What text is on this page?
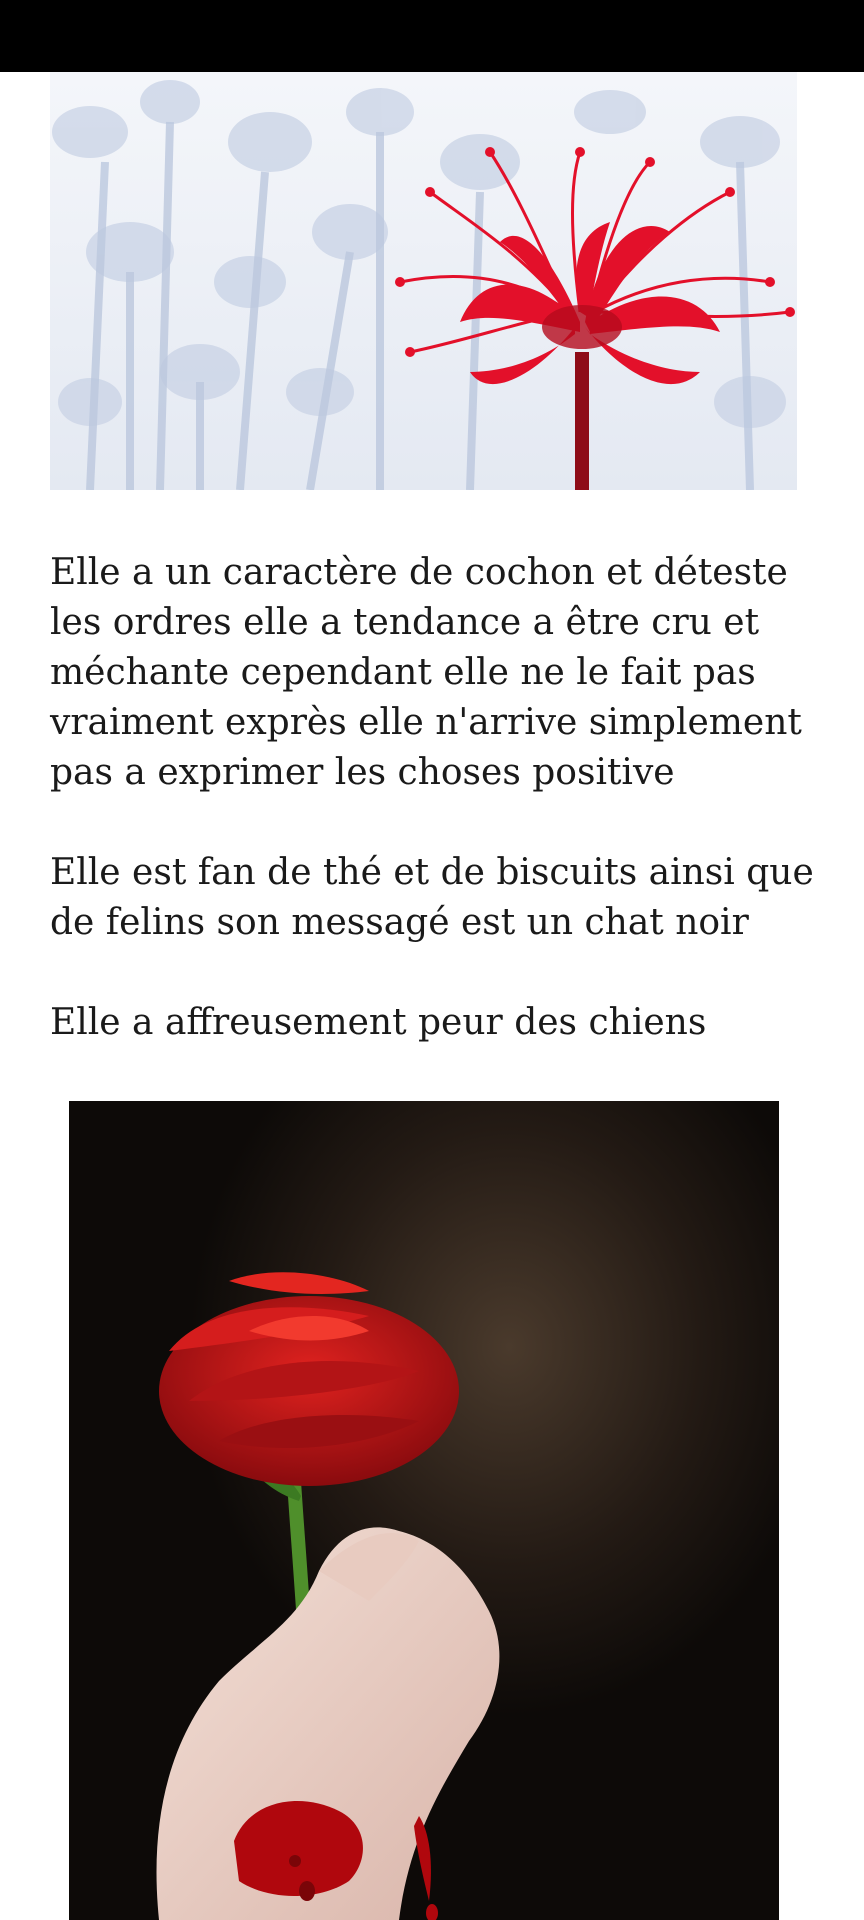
Elle a un caractère de cochon et déteste les ordres elle a tendance a être cru et méchante cependant elle ne le fait pas vraiment exprès elle n'arrive simplement pas a exprimer les choses positive

Elle est fan de thé et de biscuits ainsi que de felins son messagé est un chat noir

Elle a affreusement peur des chiens
